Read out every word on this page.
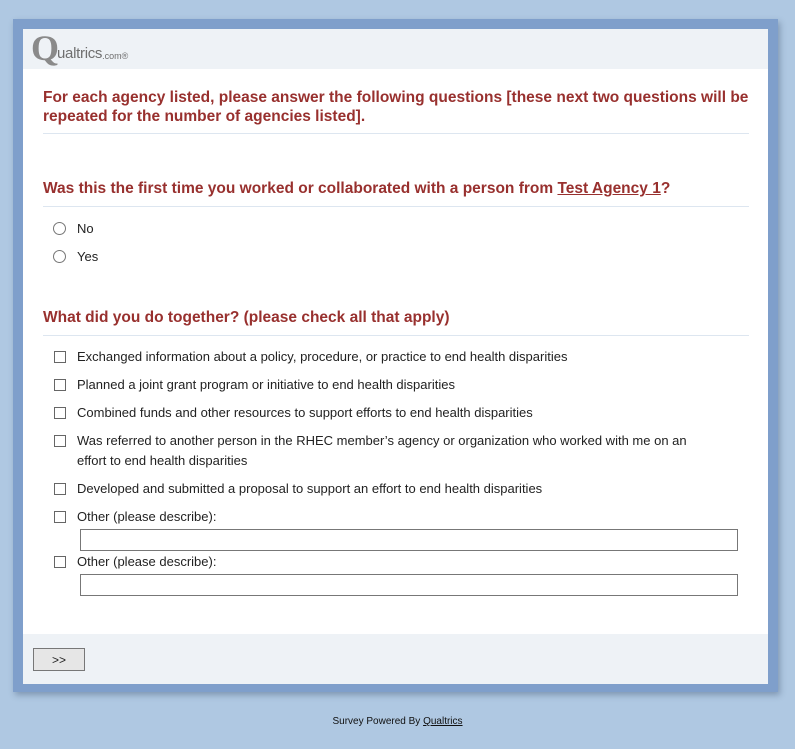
Q
ualtrics .com ®
For each agency listed, please answer the following questions [these next two questions will be repeated for the number of agencies listed].
Was this the first time you worked or collaborated with a person from Test Agency 1?
No
Yes
What did you do together? (please check all that apply)
Exchanged information about a policy, procedure, or practice to end health disparities
Planned a joint grant program or initiative to end health disparities
Combined funds and other resources to support efforts to end health disparities
Was referred to another person in the RHEC member’s agency or organization who worked with me on an effort to end health disparities
Developed and submitted a proposal to support an effort to end health disparities
Other (please describe):
Other (please describe):
>>
Survey Powered By Qualtrics
